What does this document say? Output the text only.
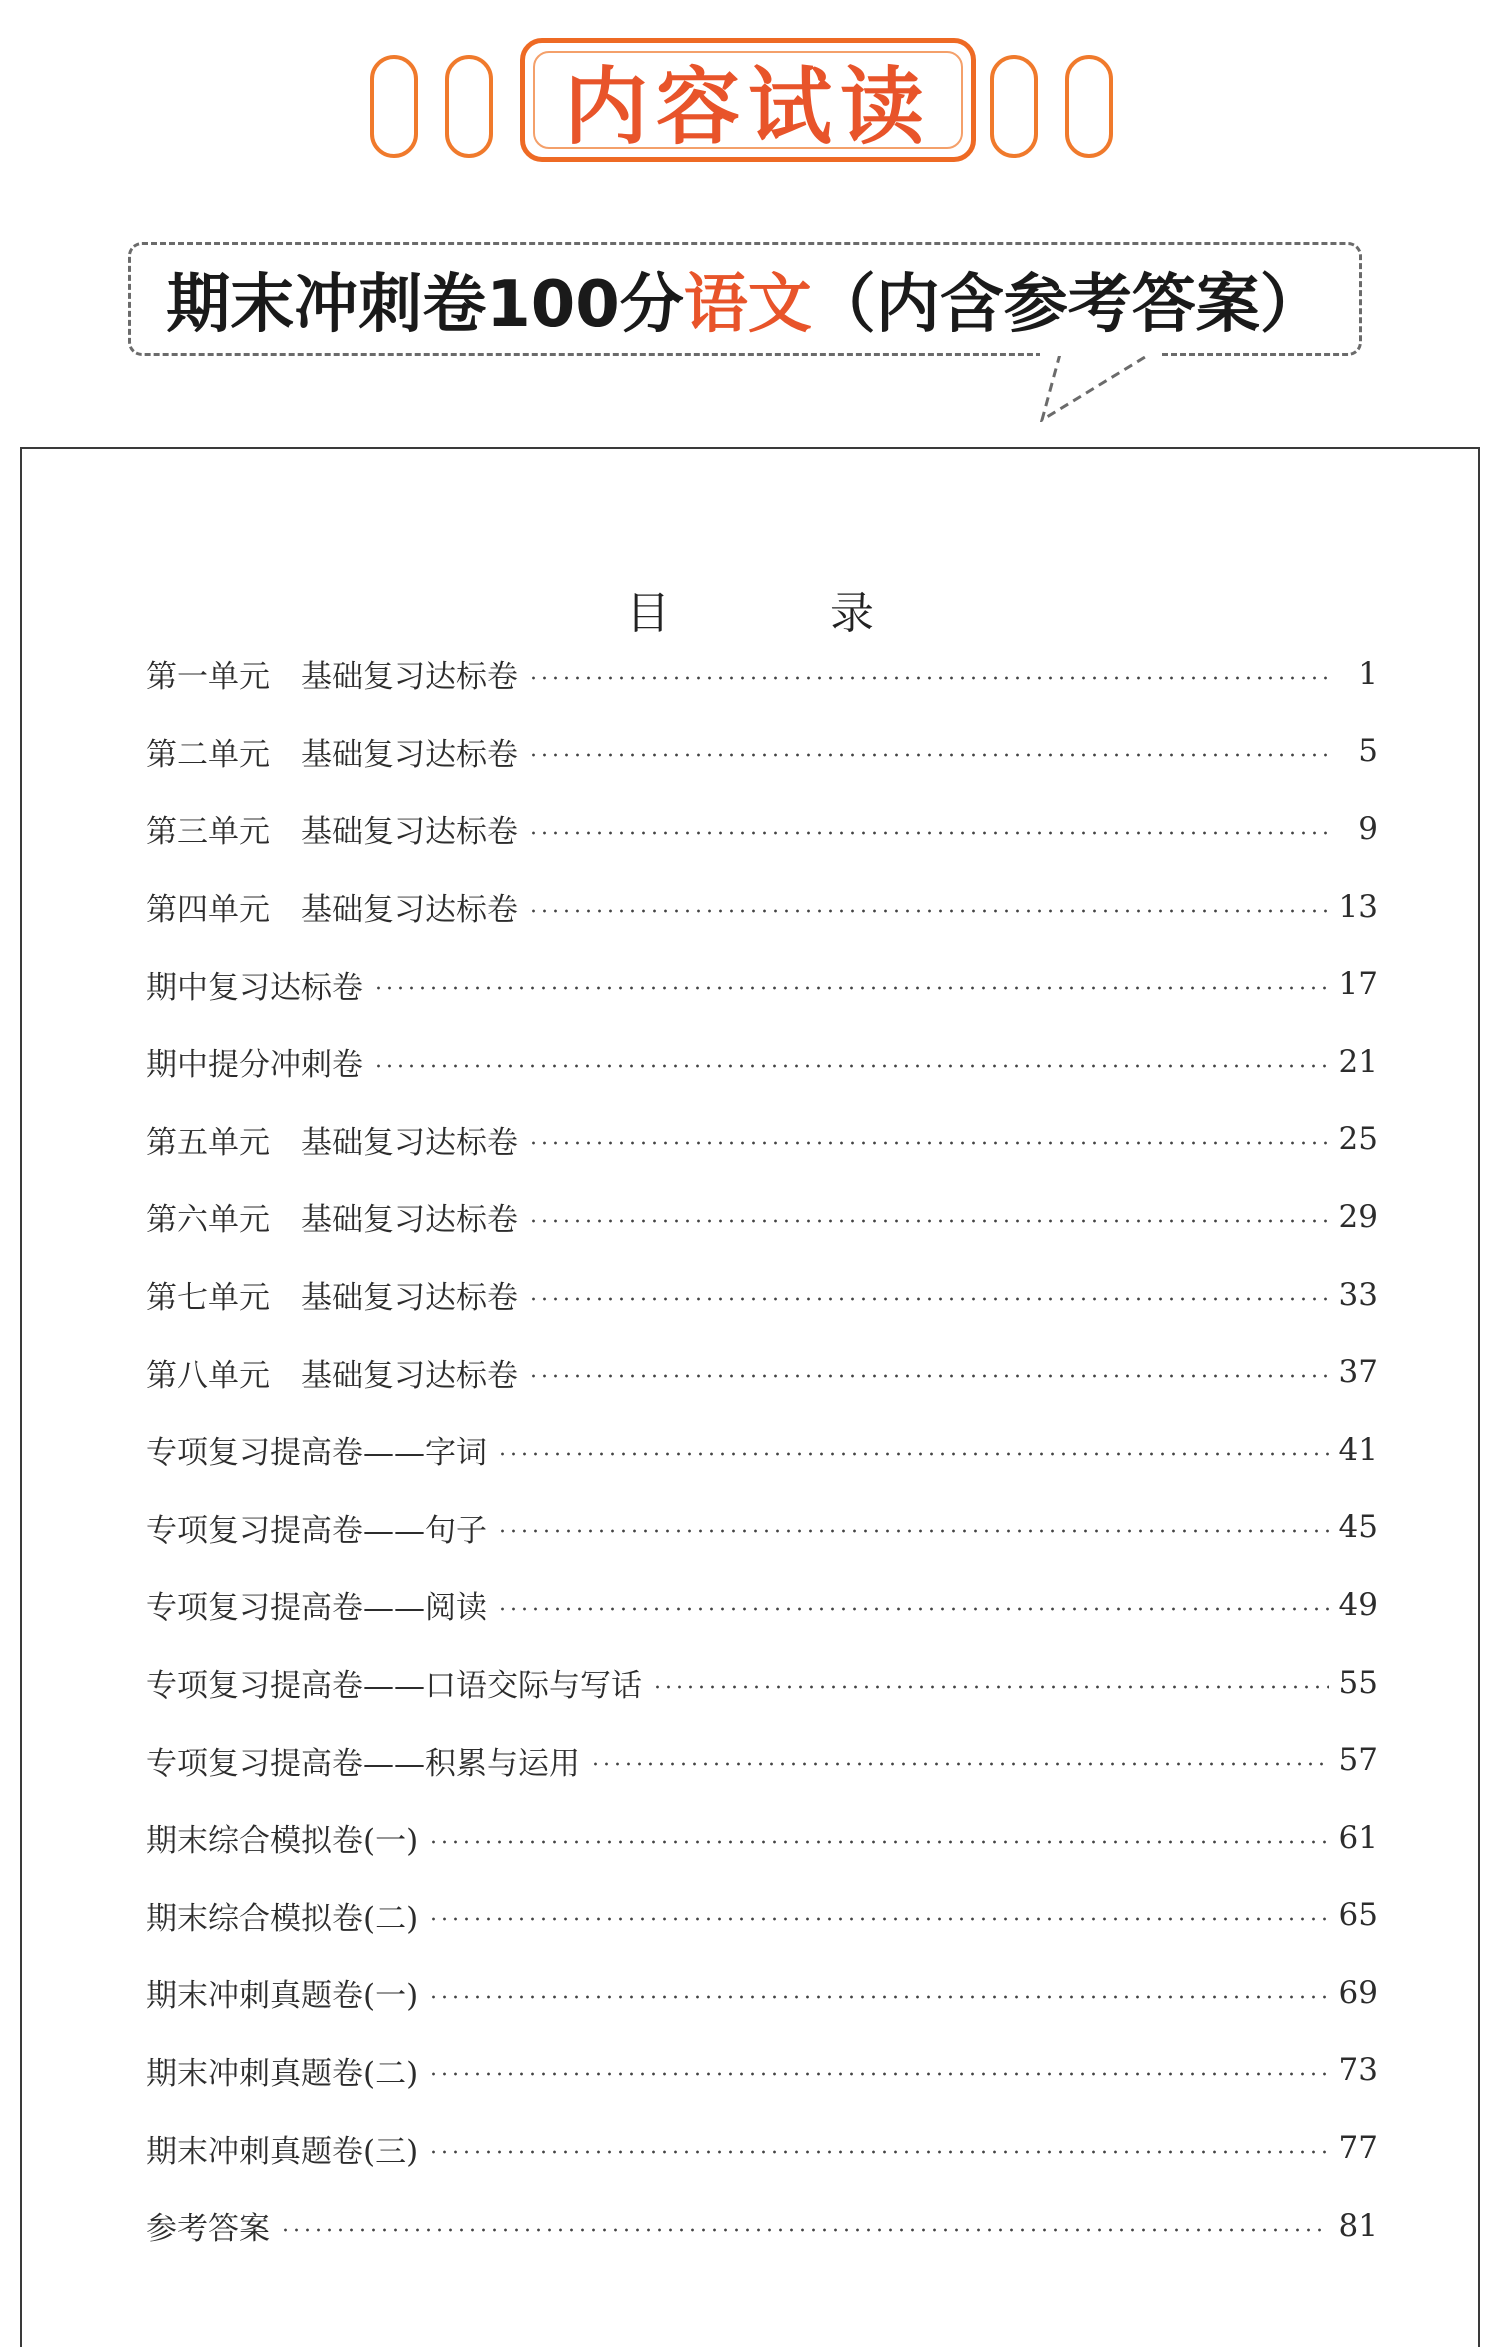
内容试读
期末冲刺卷100分 语文 （内含参考答案）
目　录
第一单元　基础复习达标卷	1
第二单元　基础复习达标卷	5
第三单元　基础复习达标卷	9
第四单元　基础复习达标卷	13
期中复习达标卷	17
期中提分冲刺卷	21
第五单元　基础复习达标卷	25
第六单元　基础复习达标卷	29
第七单元　基础复习达标卷	33
第八单元　基础复习达标卷	37
专项复习提高卷——字词	41
专项复习提高卷——句子	45
专项复习提高卷——阅读	49
专项复习提高卷——口语交际与写话	55
专项复习提高卷——积累与运用	57
期末综合模拟卷(一)	61
期末综合模拟卷(二)	65
期末冲刺真题卷(一)	69
期末冲刺真题卷(二)	73
期末冲刺真题卷(三)	77
参考答案	81
